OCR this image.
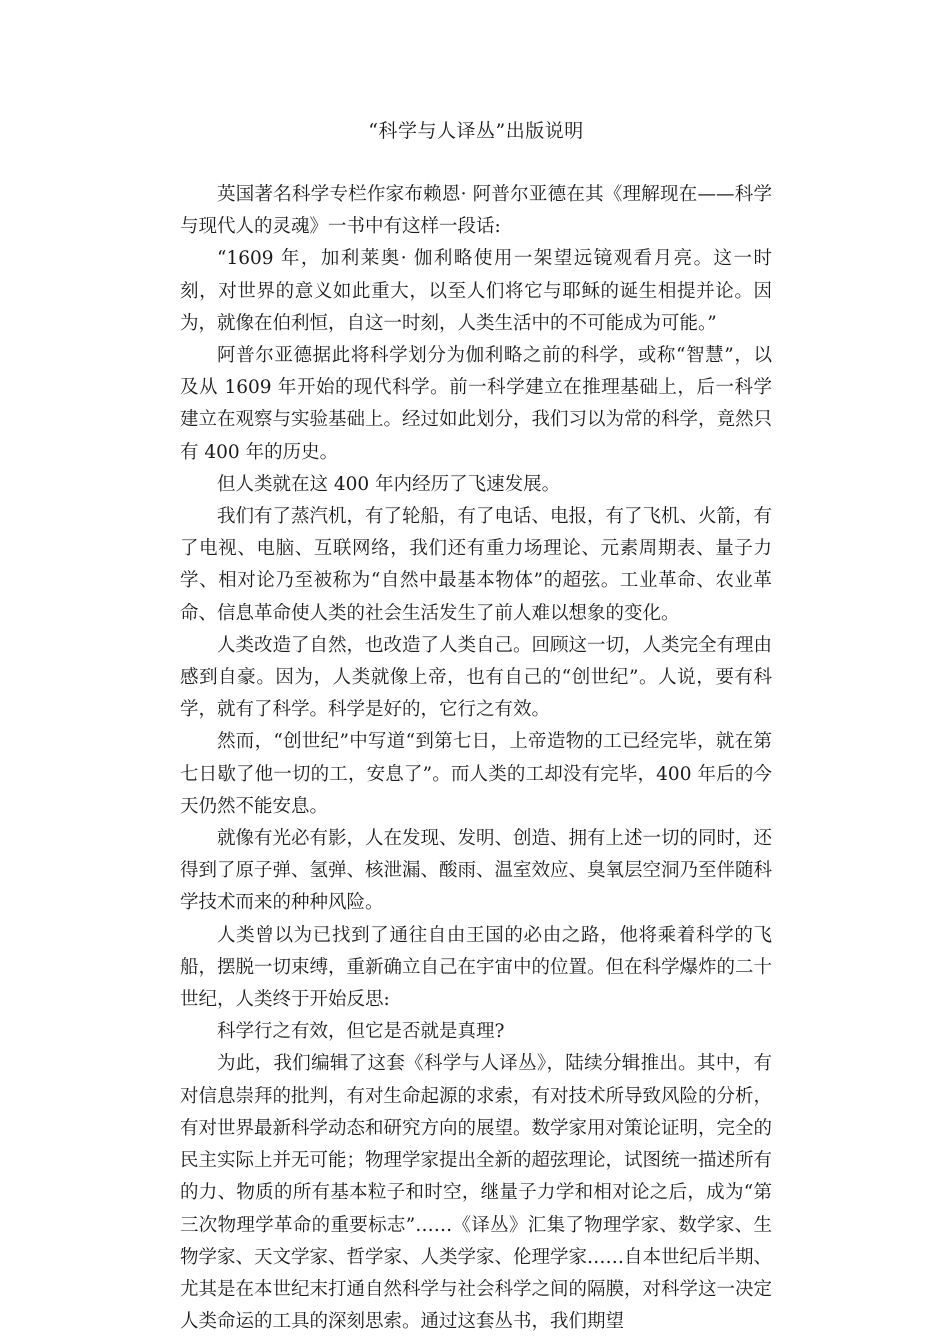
“科学与人译丛”出版说明

英国著名科学专栏作家布赖恩· 阿普尔亚德在其《理解现在——科学与现代人的灵魂》一书中有这样一段话:

“1609 年，加利莱奥· 伽利略使用一架望远镜观看月亮。这一时刻，对世界的意义如此重大，以至人们将它与耶稣的诞生相提并论。因为，就像在伯利恒，自这一时刻，人类生活中的不可能成为可能。”

阿普尔亚德据此将科学划分为伽利略之前的科学，或称“智慧”，以及从 1609 年开始的现代科学。前一科学建立在推理基础上，后一科学建立在观察与实验基础上。经过如此划分，我们习以为常的科学，竟然只有 400 年的历史。

但人类就在这 400 年内经历了飞速发展。

我们有了蒸汽机，有了轮船，有了电话、电报，有了飞机、火箭，有了电视、电脑、互联网络，我们还有重力场理论、元素周期表、量子力学、相对论乃至被称为“自然中最基本物体”的超弦。工业革命、农业革命、信息革命使人类的社会生活发生了前人难以想象的变化。

人类改造了自然，也改造了人类自己。回顾这一切，人类完全有理由感到自豪。因为，人类就像上帝，也有自己的“创世纪”。人说，要有科学，就有了科学。科学是好的，它行之有效。

然而，“创世纪”中写道“到第七日，上帝造物的工已经完毕，就在第七日歇了他一切的工，安息了”。而人类的工却没有完毕，400 年后的今天仍然不能安息。

就像有光必有影，人在发现、发明、创造、拥有上述一切的同时，还得到了原子弹、氢弹、核泄漏、酸雨、温室效应、臭氧层空洞乃至伴随科学技术而来的种种风险。

人类曾以为已找到了通往自由王国的必由之路，他将乘着科学的飞船，摆脱一切束缚，重新确立自己在宇宙中的位置。但在科学爆炸的二十世纪，人类终于开始反思:

科学行之有效，但它是否就是真理?

为此，我们编辑了这套《科学与人译丛》，陆续分辑推出。其中，有对信息崇拜的批判，有对生命起源的求索，有对技术所导致风险的分析，有对世界最新科学动态和研究方向的展望。数学家用对策论证明，完全的民主实际上并无可能；物理学家提出全新的超弦理论，试图统一描述所有的力、物质的所有基本粒子和时空，继量子力学和相对论之后，成为“第三次物理学革命的重要标志”……《译丛》汇集了物理学家、数学家、生物学家、天文学家、哲学家、人类学家、伦理学家……自本世纪后半期、尤其是在本世纪末打通自然科学与社会科学之间的隔膜，对科学这一决定人类命运的工具的深刻思索。通过这套丛书，我们期望
